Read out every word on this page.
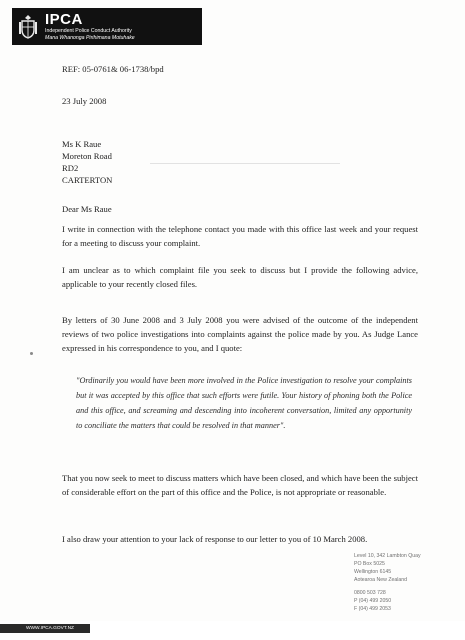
IPCA
Independent Police Conduct Authority
Mana Whanonga Pirihimana Motuhake
REF: 05-0761& 06-1738/bpd
23 July 2008
Ms K Raue
Moreton Road
RD2
CARTERTON
Dear Ms Raue
I write in connection with the telephone contact you made with this office last week and your request for a meeting to discuss your complaint.
I am unclear as to which complaint file you seek to discuss but I provide the following advice, applicable to your recently closed files.
By letters of 30 June 2008 and 3 July 2008 you were advised of the outcome of the independent reviews of two police investigations into complaints against the police made by you. As Judge Lance expressed in his correspondence to you, and I quote:
"Ordinarily you would have been more involved in the Police investigation to resolve your complaints but it was accepted by this office that such efforts were futile. Your history of phoning both the Police and this office, and screaming and descending into incoherent conversation, limited any opportunity to conciliate the matters that could be resolved in that manner".
That you now seek to meet to discuss matters which have been closed, and which have been the subject of considerable effort on the part of this office and the Police, is not appropriate or reasonable.
I also draw your attention to your lack of response to our letter to you of 10 March 2008.
Level 10, 342 Lambton Quay
PO Box 5025
Wellington 6145
Aotearoa New Zealand
0800 503 728
P (04) 499 2050
F (04) 499 2053
WWW.IPCA.GOVT.NZ
